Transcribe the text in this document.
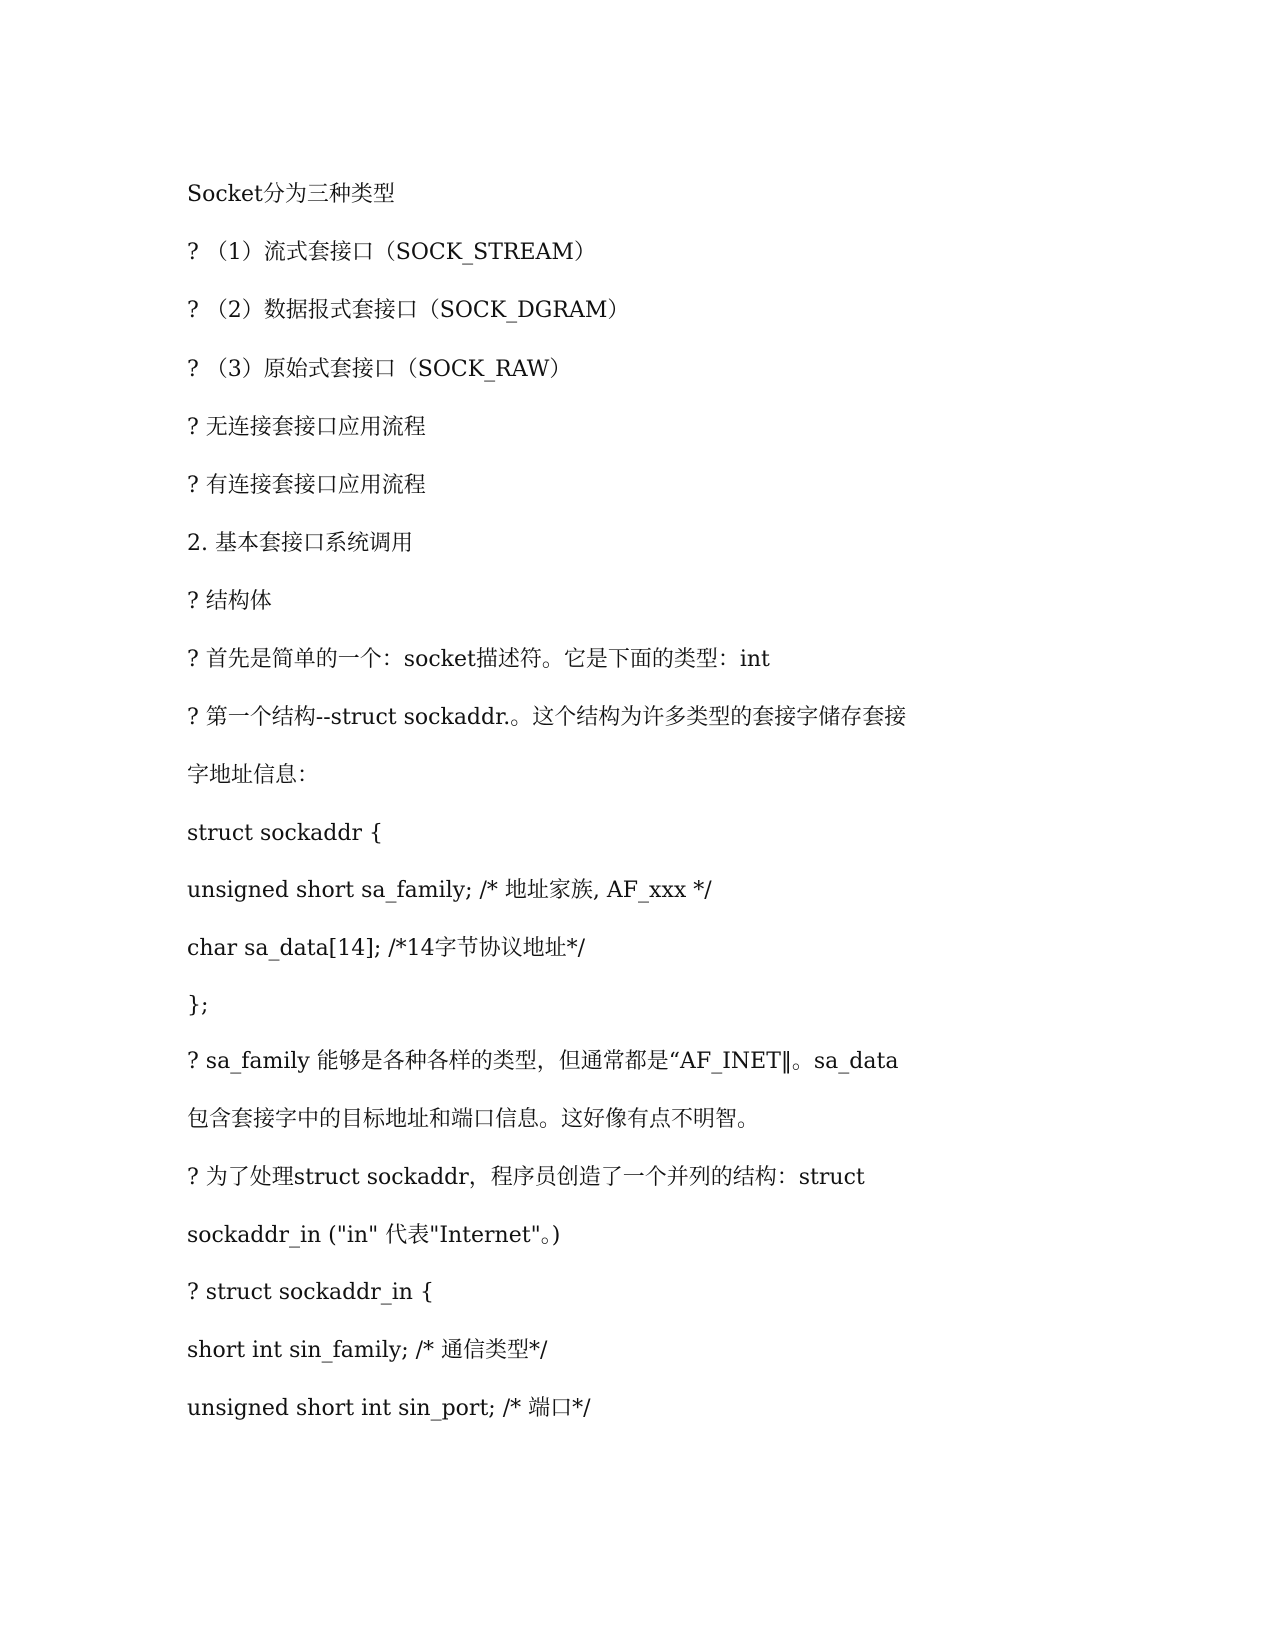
Socket分为三种类型
? （1）流式套接口（SOCK_STREAM）
? （2）数据报式套接口（SOCK_DGRAM）
? （3）原始式套接口（SOCK_RAW）
? 无连接套接口应用流程
? 有连接套接口应用流程
2. 基本套接口系统调用
? 结构体
? 首先是简单的一个：socket描述符。它是下面的类型：int
? 第一个结构--struct sockaddr.。这个结构为许多类型的套接字储存套接
字地址信息：
struct sockaddr {
unsigned short sa_family; /* 地址家族, AF_xxx */
char sa_data[14]; /*14字节协议地址*/
};
? sa_family 能够是各种各样的类型，但通常都是“AF_INET‖。sa_data
包含套接字中的目标地址和端口信息。这好像有点不明智。
? 为了处理struct sockaddr，程序员创造了一个并列的结构：struct
sockaddr_in ("in" 代表"Internet"。)
? struct sockaddr_in {
short int sin_family; /* 通信类型*/
unsigned short int sin_port; /* 端口*/
